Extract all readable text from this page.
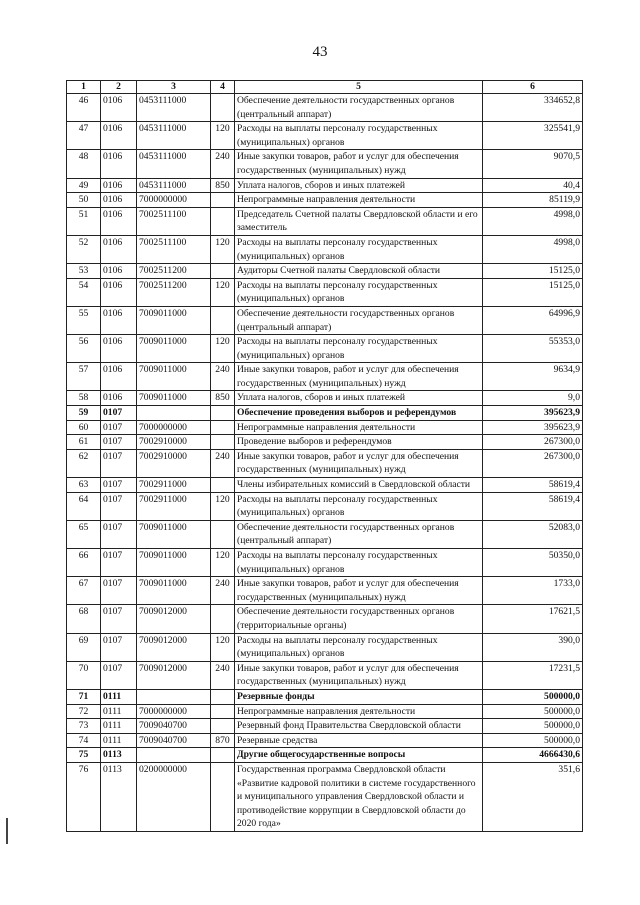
43
1	2	3	4	5	6
46	0106	0453111000		Обеспечение деятельности государственных органов (центральный аппарат)	334652,8
47	0106	0453111000	120	Расходы на выплаты персоналу государственных (муниципальных) органов	325541,9
48	0106	0453111000	240	Иные закупки товаров, работ и услуг для обеспечения государственных (муниципальных) нужд	9070,5
49	0106	0453111000	850	Уплата налогов, сборов и иных платежей	40,4
50	0106	7000000000		Непрограммные направления деятельности	85119,9
51	0106	7002511100		Председатель Счетной палаты Свердловской области и его заместитель	4998,0
52	0106	7002511100	120	Расходы на выплаты персоналу государственных (муниципальных) органов	4998,0
53	0106	7002511200		Аудиторы Счетной палаты Свердловской области	15125,0
54	0106	7002511200	120	Расходы на выплаты персоналу государственных (муниципальных) органов	15125,0
55	0106	7009011000		Обеспечение деятельности государственных органов (центральный аппарат)	64996,9
56	0106	7009011000	120	Расходы на выплаты персоналу государственных (муниципальных) органов	55353,0
57	0106	7009011000	240	Иные закупки товаров, работ и услуг для обеспечения государственных (муниципальных) нужд	9634,9
58	0106	7009011000	850	Уплата налогов, сборов и иных платежей	9,0
59	0107			Обеспечение проведения выборов и референдумов	395623,9
60	0107	7000000000		Непрограммные направления деятельности	395623,9
61	0107	7002910000		Проведение выборов и референдумов	267300,0
62	0107	7002910000	240	Иные закупки товаров, работ и услуг для обеспечения государственных (муниципальных) нужд	267300,0
63	0107	7002911000		Члены избирательных комиссий в Свердловской области	58619,4
64	0107	7002911000	120	Расходы на выплаты персоналу государственных (муниципальных) органов	58619,4
65	0107	7009011000		Обеспечение деятельности государственных органов (центральный аппарат)	52083,0
66	0107	7009011000	120	Расходы на выплаты персоналу государственных (муниципальных) органов	50350,0
67	0107	7009011000	240	Иные закупки товаров, работ и услуг для обеспечения государственных (муниципальных) нужд	1733,0
68	0107	7009012000		Обеспечение деятельности государственных органов (территориальные органы)	17621,5
69	0107	7009012000	120	Расходы на выплаты персоналу государственных (муниципальных) органов	390,0
70	0107	7009012000	240	Иные закупки товаров, работ и услуг для обеспечения государственных (муниципальных) нужд	17231,5
71	0111			Резервные фонды	500000,0
72	0111	7000000000		Непрограммные направления деятельности	500000,0
73	0111	7009040700		Резервный фонд Правительства Свердловской области	500000,0
74	0111	7009040700	870	Резервные средства	500000,0
75	0113			Другие общегосударственные вопросы	4666430,6
76	0113	0200000000		Государственная программа Свердловской области «Развитие кадровой политики в системе государственного и муниципального управления Свердловской области и противодействие коррупции в Свердловской области до 2020 года»	351,6
